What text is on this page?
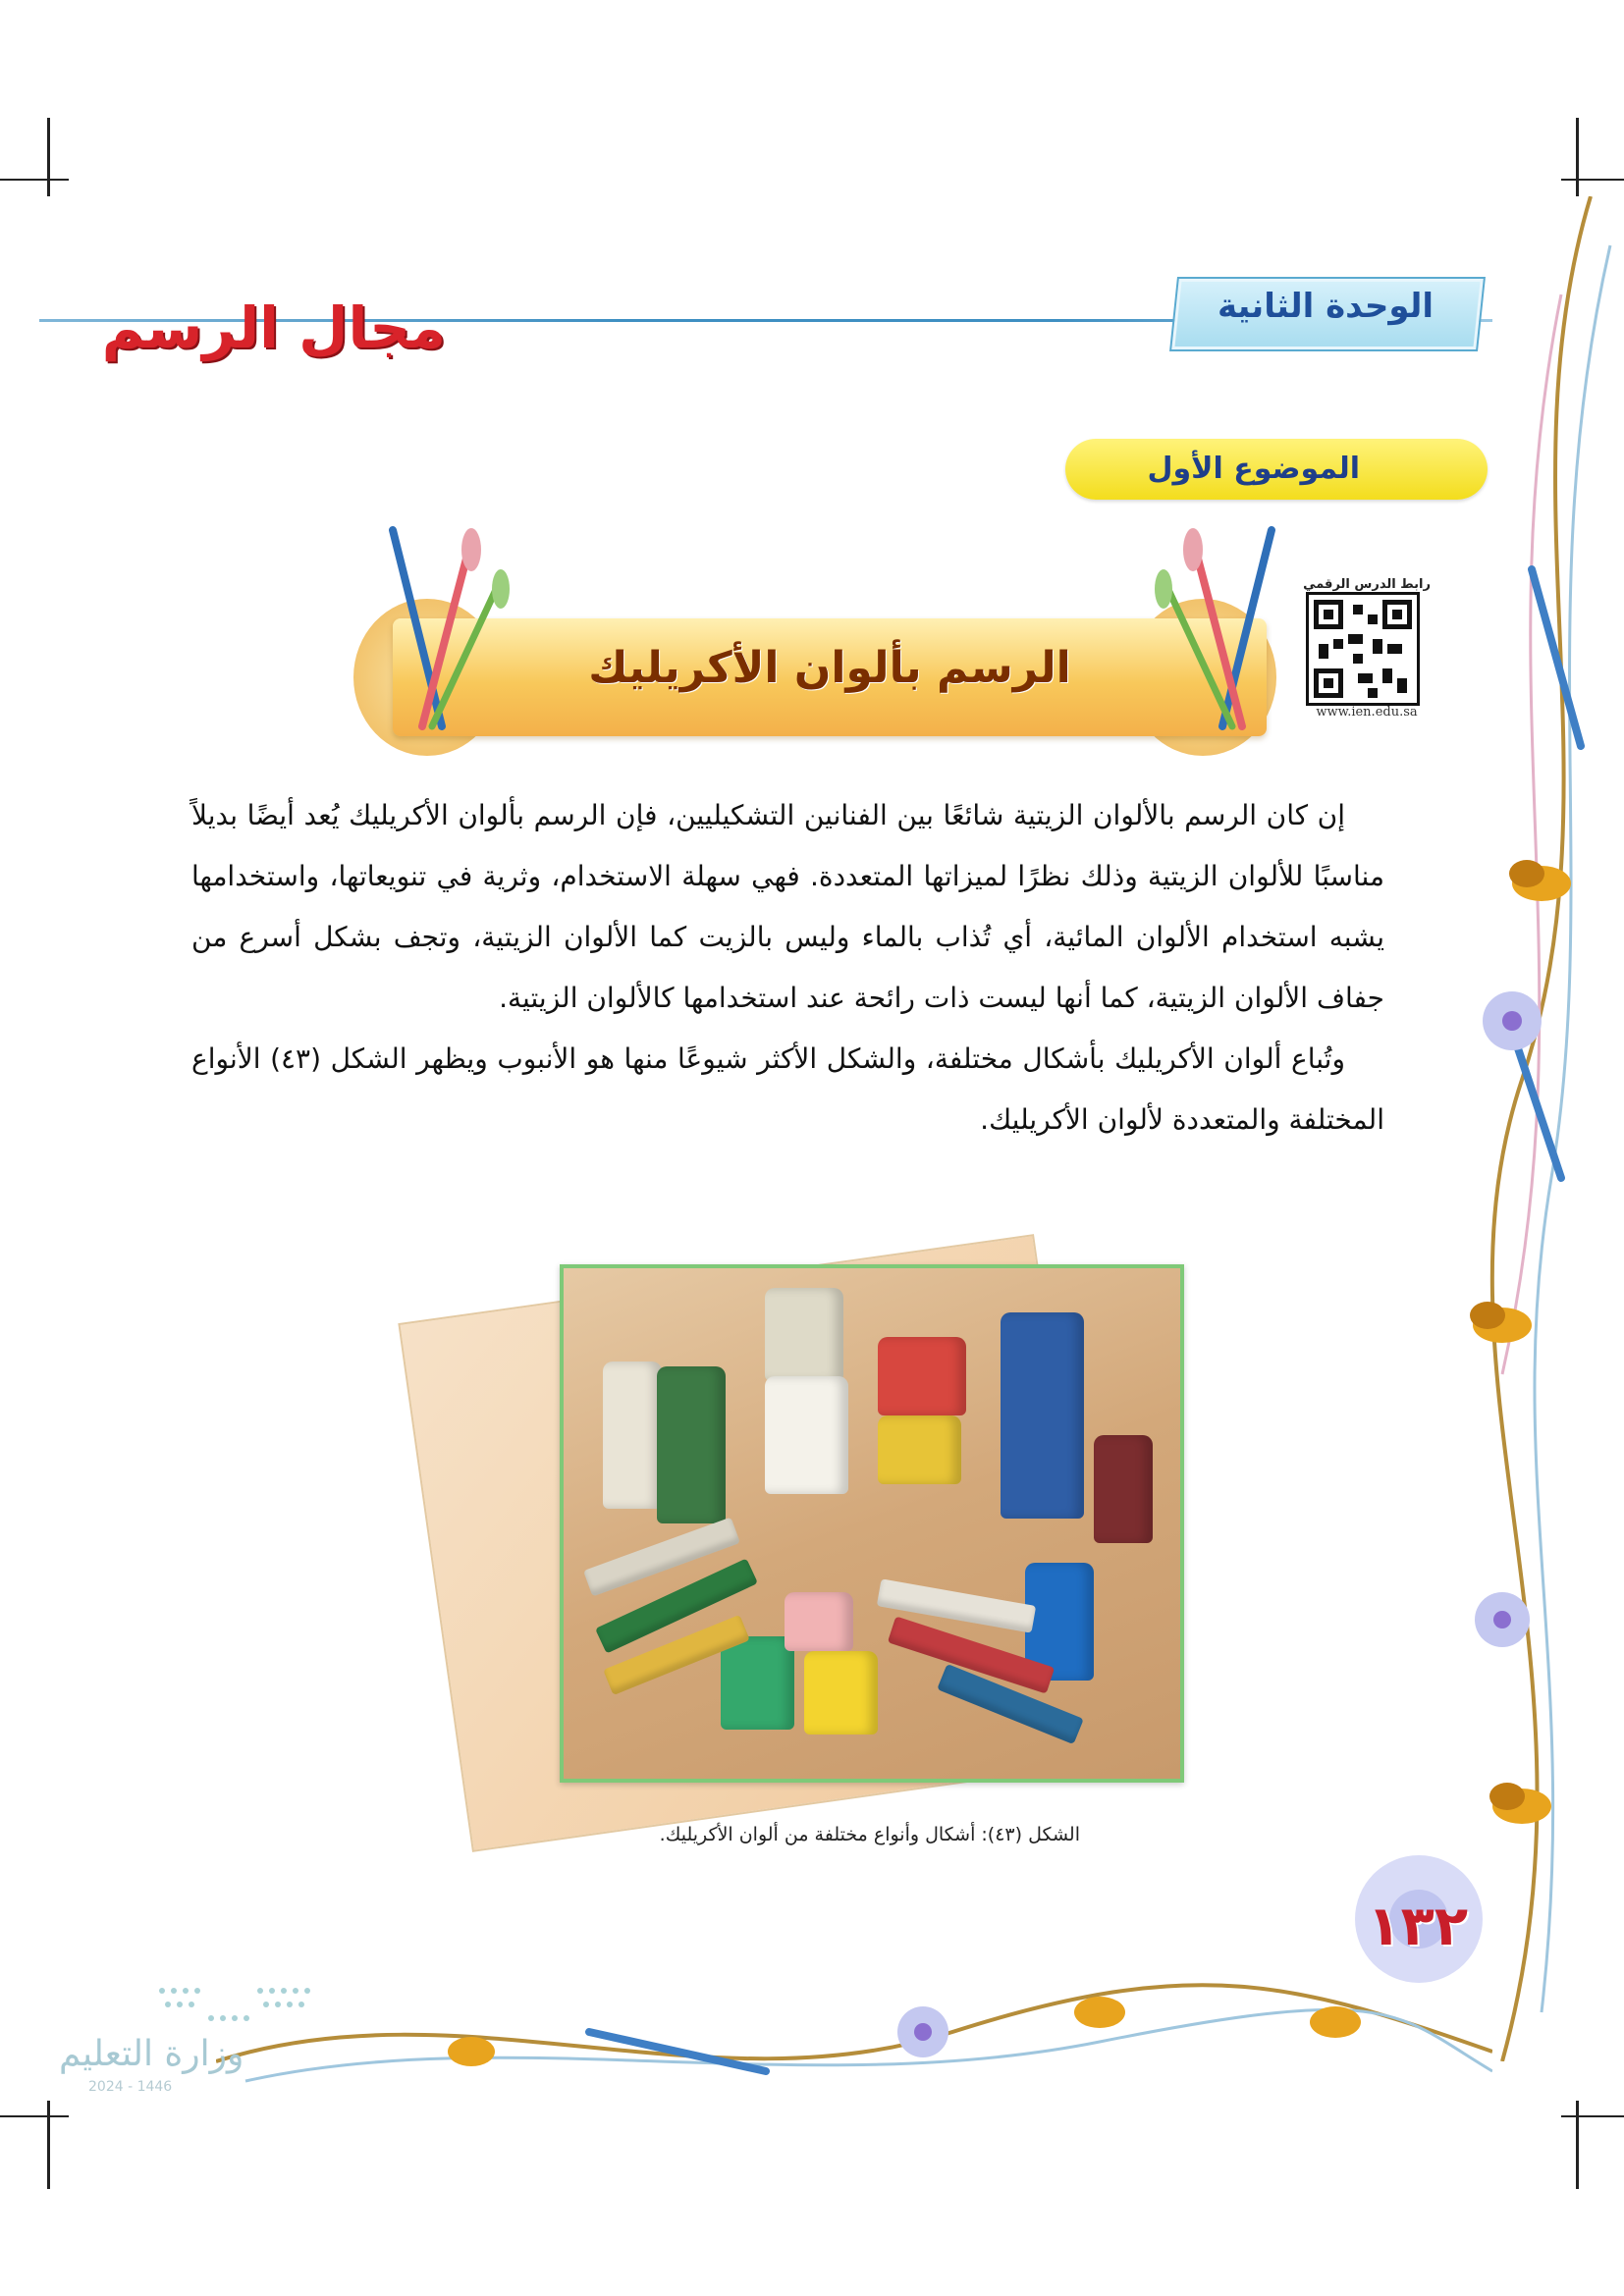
مجال الرسم	الوحدة الثانية
الموضوع الأول
الرسم بألوان الأكريليك
رابط الدرس الرقمي
www.ien.edu.sa

إن كان الرسم بالألوان الزيتية شائعًا بين الفنانين التشكيليين، فإن الرسم بألوان الأكريليك يُعد أيضًا بديلاً مناسبًا للألوان الزيتية وذلك نظرًا لميزاتها المتعددة. فهي سهلة الاستخدام، وثرية في تنويعاتها، واستخدامها يشبه استخدام الألوان المائية، أي تُذاب بالماء وليس بالزيت كما الألوان الزيتية، وتجف بشكل أسرع من جفاف الألوان الزيتية، كما أنها ليست ذات رائحة عند استخدامها كالألوان الزيتية.

وتُباع ألوان الأكريليك بأشكال مختلفة، والشكل الأكثر شيوعًا منها هو الأنبوب ويظهر الشكل (٤٣) الأنواع المختلفة والمتعددة لألوان الأكريليك.

الشكل (٤٣): أشكال وأنواع مختلفة من ألوان الأكريليك.
١٣٢
وزارة التعليم
2024 - 1446
